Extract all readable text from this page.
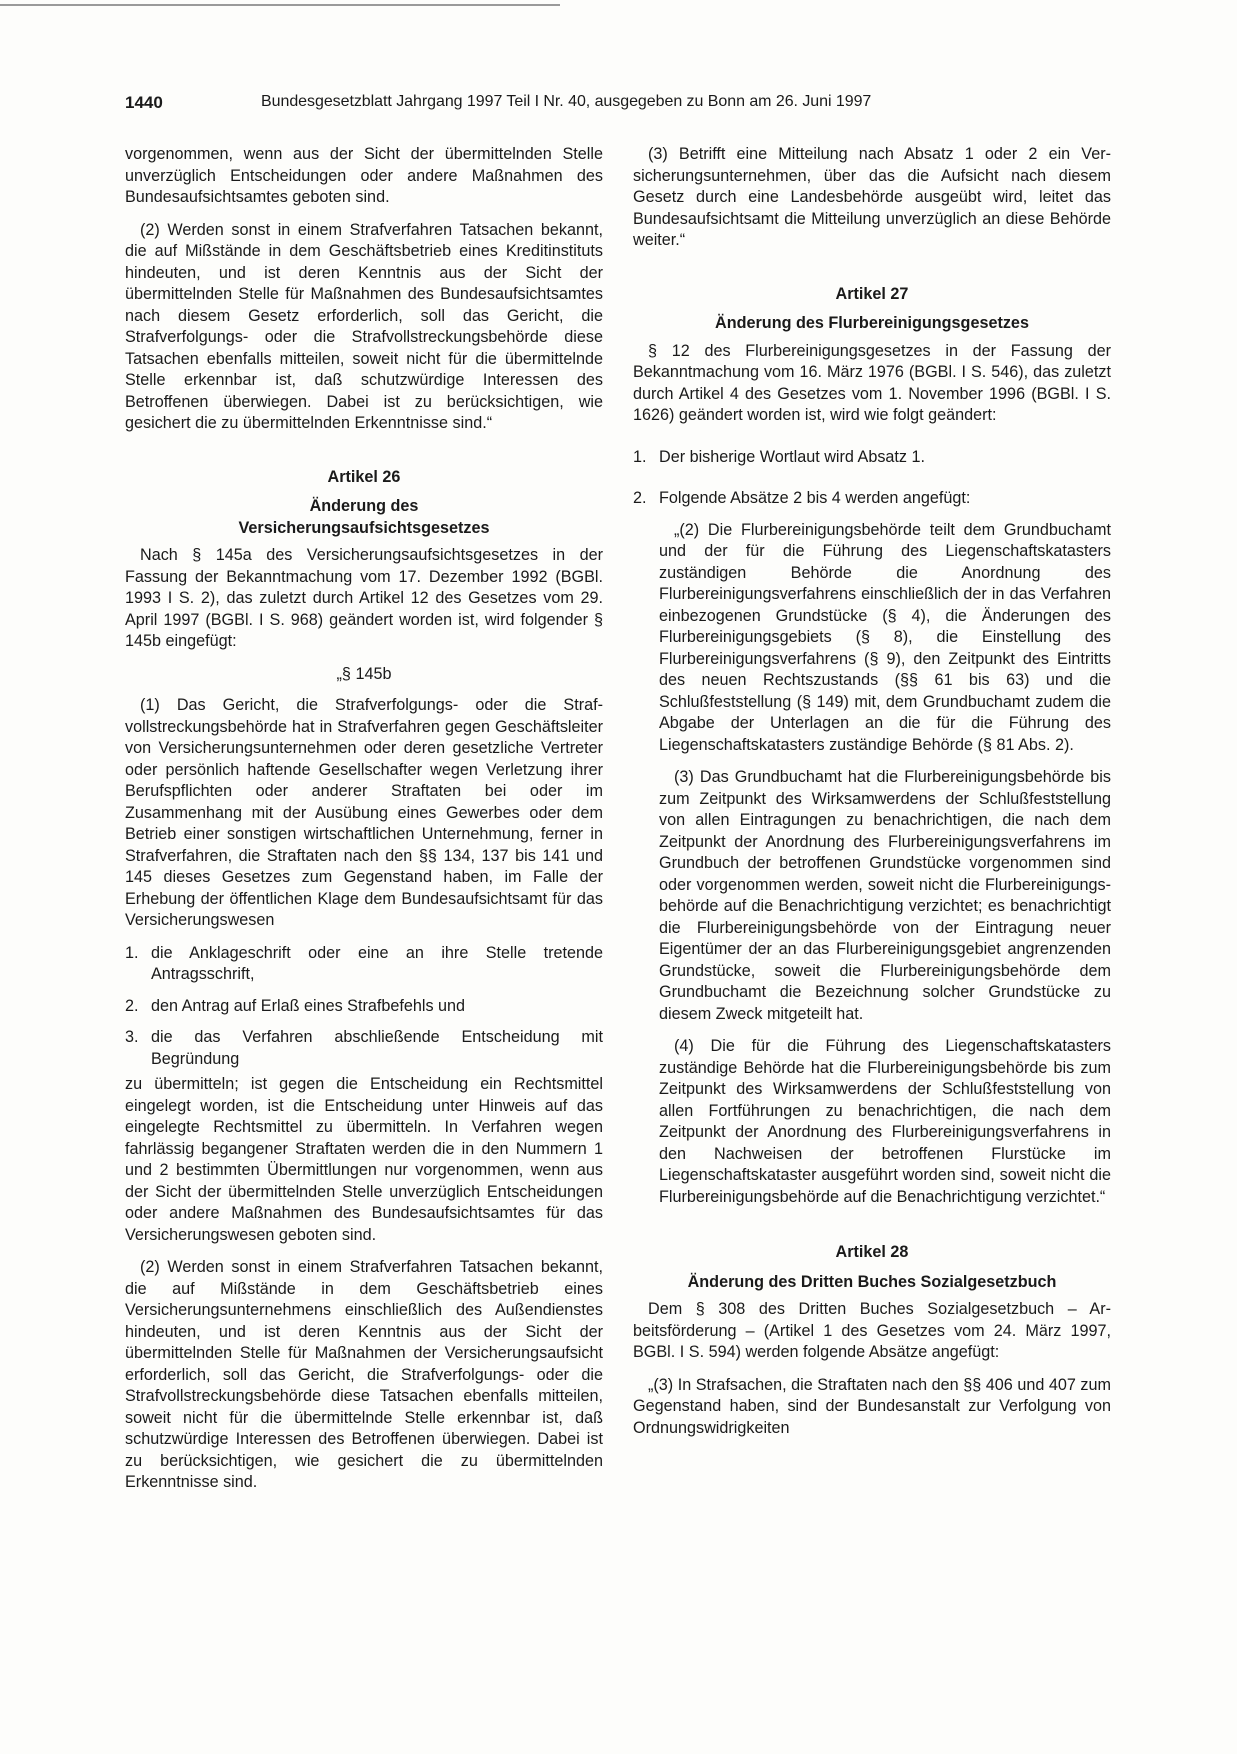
1440	Bundesgesetzblatt Jahrgang 1997 Teil I Nr. 40, ausgegeben zu Bonn am 26. Juni 1997

vorgenommen, wenn aus der Sicht der übermittelnden Stelle unverzüglich Entscheidungen oder andere Maßnahmen des Bundesaufsichtsamtes geboten sind.

(2) Werden sonst in einem Strafverfahren Tatsachen bekannt, die auf Mißstände in dem Geschäftsbetrieb eines Kreditinstituts hindeuten, und ist deren Kenntnis aus der Sicht der übermittelnden Stelle für Maßnahmen des Bundesaufsichtsamtes nach diesem Gesetz erforderlich, soll das Gericht, die Strafverfolgungs- oder die Strafvollstreckungsbehörde diese Tatsachen ebenfalls mitteilen, soweit nicht für die übermittelnde Stelle erkennbar ist, daß schutzwürdige Interessen des Betroffenen überwiegen. Dabei ist zu berücksichtigen, wie gesichert die zu übermittelnden Erkenntnisse sind.“

Artikel 26

Änderung des Versicherungsaufsichtsgesetzes

Nach § 145a des Versicherungsaufsichtsgesetzes in der Fassung der Bekanntmachung vom 17. Dezember 1992 (BGBl. 1993 I S. 2), das zuletzt durch Artikel 12 des Gesetzes vom 29. April 1997 (BGBl. I S. 968) geändert worden ist, wird folgender § 145b eingefügt:

„§ 145b

(1) Das Gericht, die Strafverfolgungs- oder die Strafvollstreckungsbehörde hat in Strafverfahren gegen Geschäftsleiter von Versicherungsunternehmen oder deren gesetzliche Vertreter oder persönlich haftende Gesellschafter wegen Verletzung ihrer Berufspflichten oder anderer Straftaten bei oder im Zusammenhang mit der Ausübung eines Gewerbes oder dem Betrieb einer sonstigen wirtschaftlichen Unternehmung, ferner in Strafverfahren, die Straftaten nach den §§ 134, 137 bis 141 und 145 dieses Gesetzes zum Gegenstand haben, im Falle der Erhebung der öffentlichen Klage dem Bundesaufsichtsamt für das Versicherungswesen

1. die Anklageschrift oder eine an ihre Stelle tretende Antragsschrift,
2. den Antrag auf Erlaß eines Strafbefehls und
3. die das Verfahren abschließende Entscheidung mit Begründung

zu übermitteln; ist gegen die Entscheidung ein Rechtsmittel eingelegt worden, ist die Entscheidung unter Hinweis auf das eingelegte Rechtsmittel zu übermitteln. In Verfahren wegen fahrlässig begangener Straftaten werden die in den Nummern 1 und 2 bestimmten Übermittlungen nur vorgenommen, wenn aus der Sicht der übermittelnden Stelle unverzüglich Entscheidungen oder andere Maßnahmen des Bundesaufsichtsamtes für das Versicherungswesen geboten sind.

(2) Werden sonst in einem Strafverfahren Tatsachen bekannt, die auf Mißstände in dem Geschäftsbetrieb eines Versicherungsunternehmens einschließlich des Außendienstes hindeuten, und ist deren Kenntnis aus der Sicht der übermittelnden Stelle für Maßnahmen der Versicherungsaufsicht erforderlich, soll das Gericht, die Strafverfolgungs- oder die Strafvollstreckungsbehörde diese Tatsachen ebenfalls mitteilen, soweit nicht für die übermittelnde Stelle erkennbar ist, daß schutzwürdige Interessen des Betroffenen überwiegen. Dabei ist zu berücksichtigen, wie gesichert die zu übermittelnden Erkenntnisse sind.

(3) Betrifft eine Mitteilung nach Absatz 1 oder 2 ein Versicherungsunternehmen, über das die Aufsicht nach diesem Gesetz durch eine Landesbehörde ausgeübt wird, leitet das Bundesaufsichtsamt die Mitteilung unverzüglich an diese Behörde weiter.“

Artikel 27

Änderung des Flurbereinigungsgesetzes

§ 12 des Flurbereinigungsgesetzes in der Fassung der Bekanntmachung vom 16. März 1976 (BGBl. I S. 546), das zuletzt durch Artikel 4 des Gesetzes vom 1. November 1996 (BGBl. I S. 1626) geändert worden ist, wird wie folgt geändert:

1. Der bisherige Wortlaut wird Absatz 1.
2. Folgende Absätze 2 bis 4 werden angefügt:

„(2) Die Flurbereinigungsbehörde teilt dem Grundbuchamt und der für die Führung des Liegenschaftskatasters zuständigen Behörde die Anordnung des Flurbereinigungsverfahrens einschließlich der in das Verfahren einbezogenen Grundstücke (§ 4), die Änderungen des Flurbereinigungsgebiets (§ 8), die Einstellung des Flurbereinigungsverfahrens (§ 9), den Zeitpunkt des Eintritts des neuen Rechtszustands (§§ 61 bis 63) und die Schlußfeststellung (§ 149) mit, dem Grundbuchamt zudem die Abgabe der Unterlagen an die für die Führung des Liegenschaftskatasters zuständige Behörde (§ 81 Abs. 2).

(3) Das Grundbuchamt hat die Flurbereinigungsbehörde bis zum Zeitpunkt des Wirksamwerdens der Schlußfeststellung von allen Eintragungen zu benachrichtigen, die nach dem Zeitpunkt der Anordnung des Flurbereinigungsverfahrens im Grundbuch der betroffenen Grundstücke vorgenommen sind oder vorgenommen werden, soweit nicht die Flurbereinigungsbehörde auf die Benachrichtigung verzichtet; es benachrichtigt die Flurbereinigungsbehörde von der Eintragung neuer Eigentümer der an das Flurbereinigungsgebiet angrenzenden Grundstücke, soweit die Flurbereinigungsbehörde dem Grundbuchamt die Bezeichnung solcher Grundstücke zu diesem Zweck mitgeteilt hat.

(4) Die für die Führung des Liegenschaftskatasters zuständige Behörde hat die Flurbereinigungsbehörde bis zum Zeitpunkt des Wirksamwerdens der Schlußfeststellung von allen Fortführungen zu benachrichtigen, die nach dem Zeitpunkt der Anordnung des Flurbereinigungsverfahrens in den Nachweisen der betroffenen Flurstücke im Liegenschaftskataster ausgeführt worden sind, soweit nicht die Flurbereinigungsbehörde auf die Benachrichtigung verzichtet.“

Artikel 28

Änderung des Dritten Buches Sozialgesetzbuch

Dem § 308 des Dritten Buches Sozialgesetzbuch – Arbeitsförderung – (Artikel 1 des Gesetzes vom 24. März 1997, BGBl. I S. 594) werden folgende Absätze angefügt:

„(3) In Strafsachen, die Straftaten nach den §§ 406 und 407 zum Gegenstand haben, sind der Bundesanstalt zur Verfolgung von Ordnungswidrigkeiten
